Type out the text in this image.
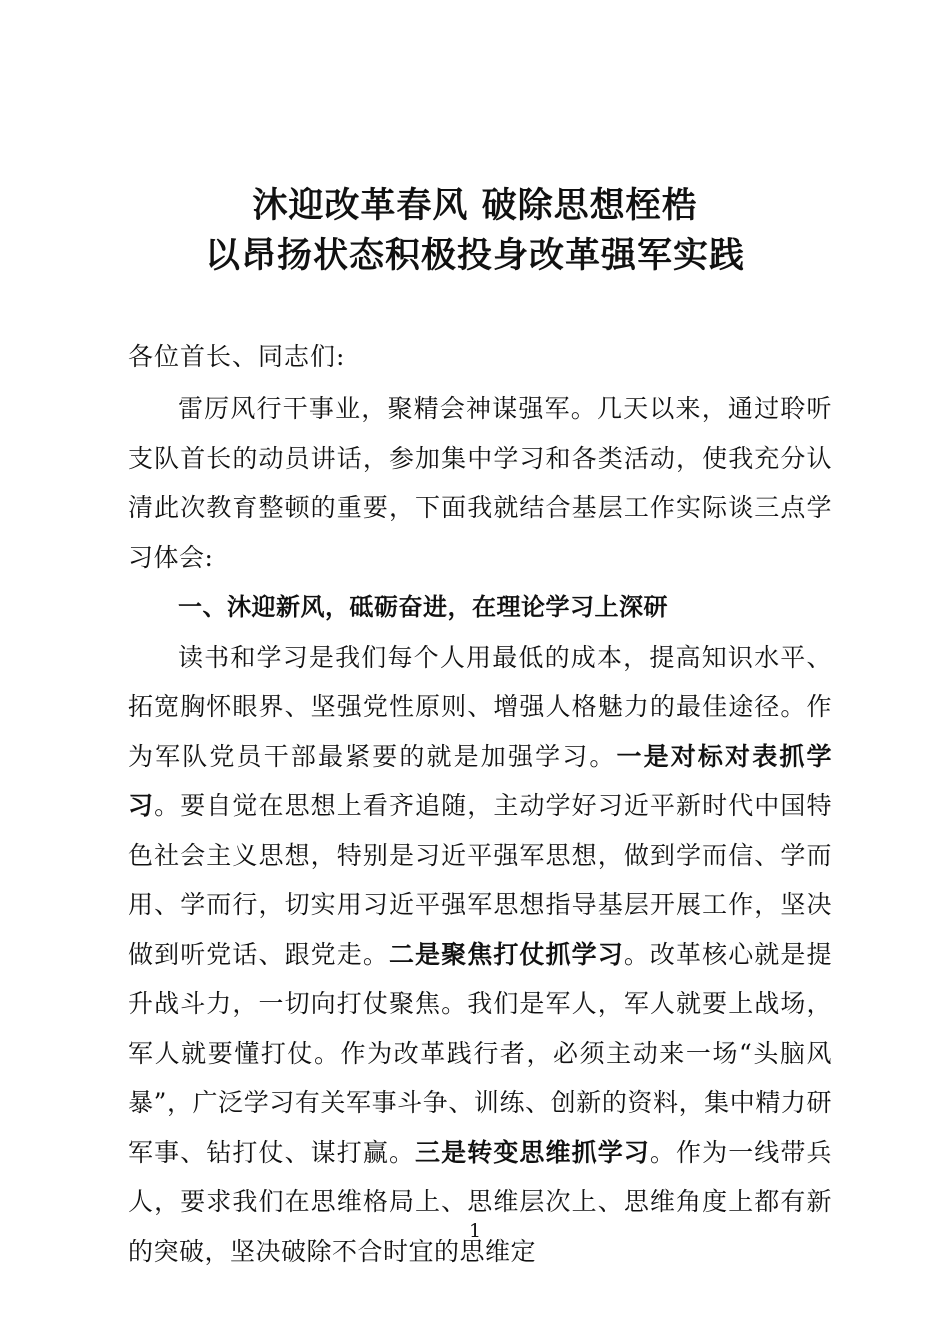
沐迎改革春风 破除思想桎梏
以昂扬状态积极投身改革强军实践
各位首长、同志们:

雷厉风行干事业，聚精会神谋强军。几天以来，通过聆听支队首长的动员讲话，参加集中学习和各类活动，使我充分认清此次教育整顿的重要，下面我就结合基层工作实际谈三点学习体会:

一、沐迎新风，砥砺奋进，在理论学习上深研

读书和学习是我们每个人用最低的成本，提高知识水平、拓宽胸怀眼界、坚强党性原则、增强人格魅力的最佳途径。作为军队党员干部最紧要的就是加强学习。一是对标对表抓学习。要自觉在思想上看齐追随，主动学好习近平新时代中国特色社会主义思想，特别是习近平强军思想，做到学而信、学而用、学而行，切实用习近平强军思想指导基层开展工作，坚决做到听党话、跟党走。二是聚焦打仗抓学习。改革核心就是提升战斗力，一切向打仗聚焦。我们是军人，军人就要上战场，军人就要懂打仗。作为改革践行者，必须主动来一场“头脑风暴”，广泛学习有关军事斗争、训练、创新的资料，集中精力研军事、钻打仗、谋打赢。三是转变思维抓学习。作为一线带兵人，要求我们在思维格局上、思维层次上、思维角度上都有新的突破，坚决破除不合时宜的思维定

1
